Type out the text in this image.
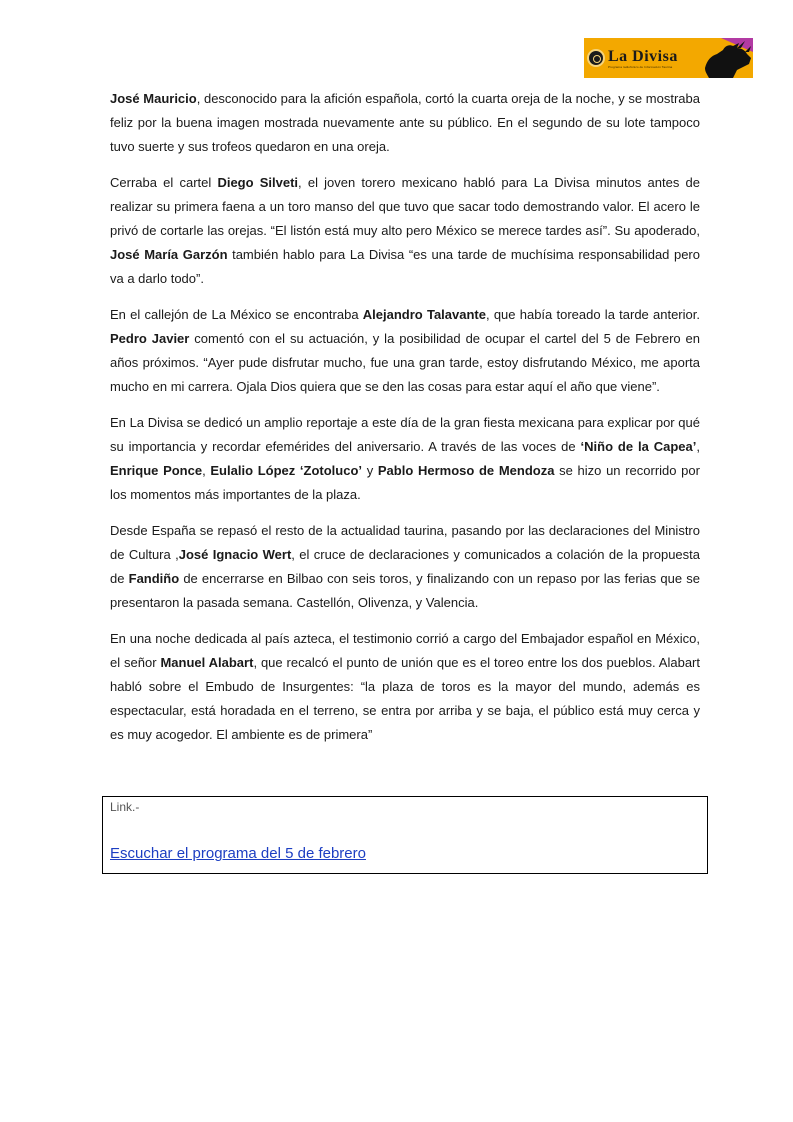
La Divisa
Programa radiofónico de Información Taurina

José Mauricio, desconocido para la afición española, cortó la cuarta oreja de la noche, y se mostraba feliz por la buena imagen mostrada nuevamente ante su público. En el segundo de su lote tampoco tuvo suerte y sus trofeos quedaron en una oreja.

Cerraba el cartel Diego Silveti, el joven torero mexicano habló para La Divisa minutos antes de realizar su primera faena a un toro manso del que tuvo que sacar todo demostrando valor. El acero le privó de cortarle las orejas. “El listón está muy alto pero México se merece tardes así”. Su apoderado, José María Garzón también hablo para La Divisa “es una tarde de muchísima responsabilidad pero va a darlo todo”.

En el callejón de La México se encontraba Alejandro Talavante, que había toreado la tarde anterior. Pedro Javier comentó con el su actuación, y la posibilidad de ocupar el cartel del 5 de Febrero en años próximos. “Ayer pude disfrutar mucho, fue una gran tarde, estoy disfrutando México, me aporta mucho en mi carrera. Ojala Dios quiera que se den las cosas para estar aquí el año que viene”.

En La Divisa se dedicó un amplio reportaje a este día de la gran fiesta mexicana para explicar por qué su importancia y recordar efemérides del aniversario. A través de las voces de ‘Niño de la Capea’, Enrique Ponce, Eulalio López ‘Zotoluco’ y Pablo Hermoso de Mendoza se hizo un recorrido por los momentos más importantes de la plaza.

Desde España se repasó el resto de la actualidad taurina, pasando por las declaraciones del Ministro de Cultura ,José Ignacio Wert, el cruce de declaraciones y comunicados a colación de la propuesta de Fandiño de encerrarse en Bilbao con seis toros, y finalizando con un repaso por las ferias que se presentaron la pasada semana. Castellón, Olivenza, y Valencia.

En una noche dedicada al país azteca, el testimonio corrió a cargo del Embajador español en México, el señor Manuel Alabart, que recalcó el punto de unión que es el toreo entre los dos pueblos. Alabart habló sobre el Embudo de Insurgentes: “la plaza de toros es la mayor del mundo, además es espectacular, está horadada en el terreno, se entra por arriba y se baja, el público está muy cerca y es muy acogedor. El ambiente es de primera”

Link.-
Escuchar el programa del 5 de febrero
